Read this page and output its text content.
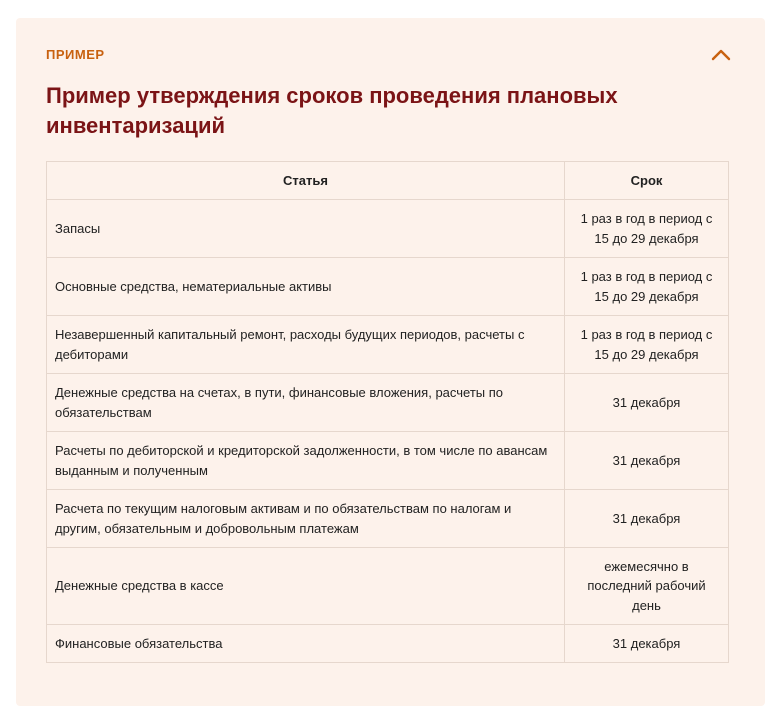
ПРИМЕР
Пример утверждения сроков проведения плановых инвентаризаций
Статья	Срок
Запасы	1 раз в год в период с 15 до 29 декабря
Основные средства, нематериальные активы	1 раз в год в период с 15 до 29 декабря
Незавершенный капитальный ремонт, расходы будущих периодов, расчеты с дебиторами	1 раз в год в период с 15 до 29 декабря
Денежные средства на счетах, в пути, финансовые вложения, расчеты по обязательствам	31 декабря
Расчеты по дебиторской и кредиторской задолженности, в том числе по авансам выданным и полученным	31 декабря
Расчета по текущим налоговым активам и по обязательствам по налогам и другим, обязательным и добровольным платежам	31 декабря
Денежные средства в кассе	ежемесячно в последний рабочий день
Финансовые обязательства	31 декабря
